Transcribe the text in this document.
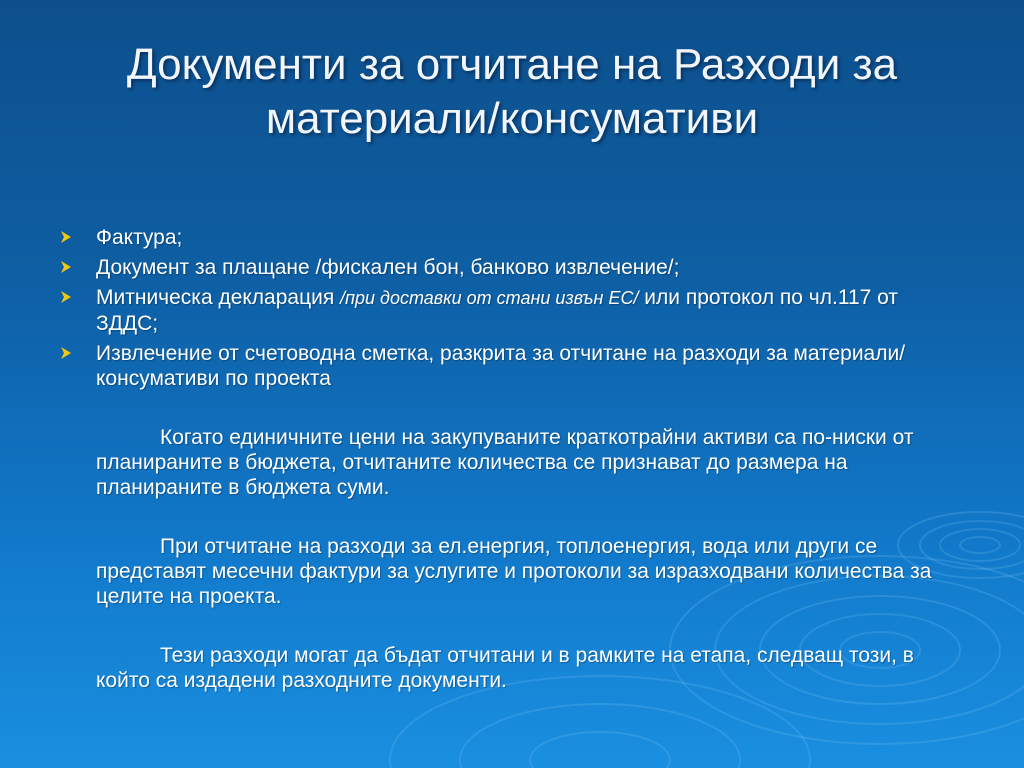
Документи за отчитане на Разходи за
материали/консумативи
Фактура;
Документ за плащане /фискален бон, банково извлечение/;
Митническа декларация /при доставки от стани извън ЕС/ или протокол по чл.117 от ЗДДС;
Извлечение от счетоводна сметка, разкрита за отчитане на разходи за материали/консумативи по проекта

Когато единичните цени на закупуваните краткотрайни активи са по-ниски от планираните в бюджета, отчитаните количества се признават до размера на планираните в бюджета суми.

При отчитане на разходи за ел.енергия, топлоенергия, вода или други се представят месечни фактури за услугите и протоколи за изразходвани количества за целите на проекта.

Тези разходи могат да бъдат отчитани и в рамките на етапа, следващ този, в който са издадени разходните документи.
